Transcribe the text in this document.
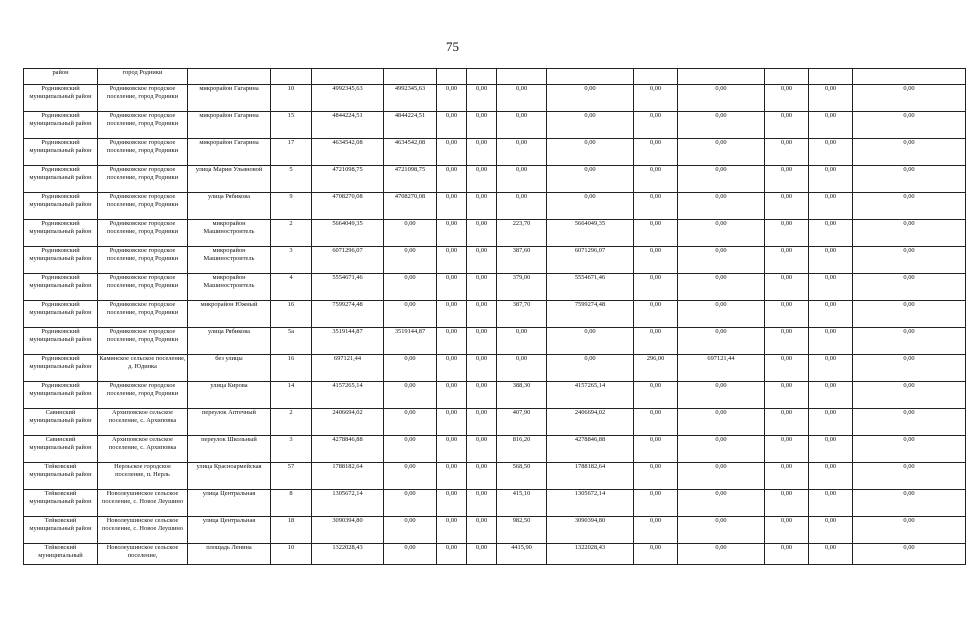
75
район	город Родники													
Родниковский муниципальный район	Родниковское городское поселение, город Родники	микрорайон Гагарина	10	4992345,63	4992345,63	0,00	0,00	0,00	0,00	0,00	0,00	0,00	0,00	0,00
Родниковский муниципальный район	Родниковское городское поселение, город Родники	микрорайон Гагарина	15	4844224,51	4844224,51	0,00	0,00	0,00	0,00	0,00	0,00	0,00	0,00	0,00
Родниковский муниципальный район	Родниковское городское поселение, город Родники	микрорайон Гагарина	17	4634542,08	4634542,08	0,00	0,00	0,00	0,00	0,00	0,00	0,00	0,00	0,00
Родниковский муниципальный район	Родниковское городское поселение, город Родники	улица Марии Ульяновой	5	4721098,75	4721098,75	0,00	0,00	0,00	0,00	0,00	0,00	0,00	0,00	0,00
Родниковский муниципальный район	Родниковское городское поселение, город Родники	улица Рябикова	9	4708270,08	4708270,08	0,00	0,00	0,00	0,00	0,00	0,00	0,00	0,00	0,00
Родниковский муниципальный район	Родниковское городское поселение, город Родники	микрорайон Машиностроитель	2	5664049,35	0,00	0,00	0,00	223,70	5664049,35	0,00	0,00	0,00	0,00	0,00
Родниковский муниципальный район	Родниковское городское поселение, город Родники	микрорайон Машиностроитель	3	6071296,07	0,00	0,00	0,00	387,60	6071296,07	0,00	0,00	0,00	0,00	0,00
Родниковский муниципальный район	Родниковское городское поселение, город Родники	микрорайон Машиностроитель	4	5554671,46	0,00	0,00	0,00	379,00	5554671,46	0,00	0,00	0,00	0,00	0,00
Родниковский муниципальный район	Родниковское городское поселение, город Родники	микрорайон Южный	16	7599274,48	0,00	0,00	0,00	387,70	7599274,48	0,00	0,00	0,00	0,00	0,00
Родниковский муниципальный район	Родниковское городское поселение, город Родники	улица Рябикова	5а	3519144,87	3519144,87	0,00	0,00	0,00	0,00	0,00	0,00	0,00	0,00	0,00
Родниковский муниципальный район	Каминское сельское поселение, д. Юдинка	без улицы	16	697121,44	0,00	0,00	0,00	0,00	0,00	296,00	697121,44	0,00	0,00	0,00
Родниковский муниципальный район	Родниковское городское поселение, город Родники	улица Кирова	14	4157265,14	0,00	0,00	0,00	388,30	4157265,14	0,00	0,00	0,00	0,00	0,00
Савинский муниципальный район	Архиповское сельское поселение, с. Архиповка	переулок Аптечный	2	2406694,02	0,00	0,00	0,00	407,90	2406694,02	0,00	0,00	0,00	0,00	0,00
Савинский муниципальный район	Архиповское сельское поселение, с. Архиповка	переулок Школьный	3	4278846,88	0,00	0,00	0,00	816,20	4278846,88	0,00	0,00	0,00	0,00	0,00
Тейковский муниципальный район	Нерльское городское поселение, п. Нерль	улица Красноармейская	57	1788182,64	0,00	0,00	0,00	568,50	1788182,64	0,00	0,00	0,00	0,00	0,00
Тейковский муниципальный район	Новолеушинское сельское поселение, с. Новое Леушино	улица Центральная	8	1305672,14	0,00	0,00	0,00	415,10	1305672,14	0,00	0,00	0,00	0,00	0,00
Тейковский муниципальный район	Новолеушинское сельское поселение, с. Новое Леушино	улица Центральная	18	3090394,80	0,00	0,00	0,00	982,50	3090394,80	0,00	0,00	0,00	0,00	0,00
Тейковский муниципальный	Новолеушинское сельское поселение,	площадь Ленина	10	1322028,43	0,00	0,00	0,00	4415,90	1322028,43	0,00	0,00	0,00	0,00	0,00
